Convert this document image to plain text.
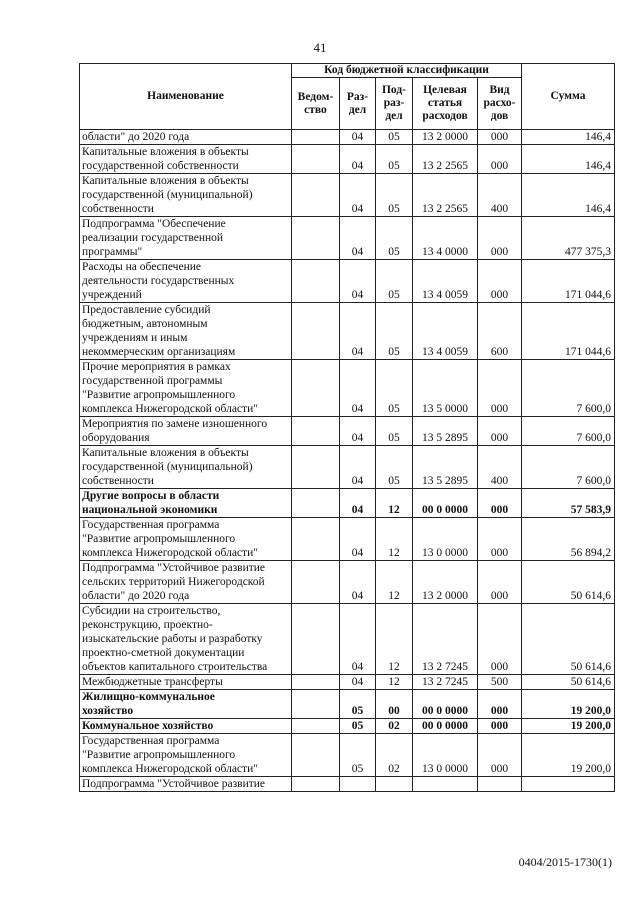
41
Наименование	Код бюджетной классификации					Сумма
	Ведом-
ство	Раз-
дел	Под-
раз-
дел	Целевая
статья
расходов	Вид
расхо-
дов	
области" до 2020 года		04	05	13 2 0000	000	146,4
Капитальные вложения в объекты
государственной собственности		04	05	13 2 2565	000	146,4
Капитальные вложения в объекты
государственной (муниципальной)
собственности		04	05	13 2 2565	400	146,4
Подпрограмма "Обеспечение
реализации государственной
программы"		04	05	13 4 0000	000	477 375,3
Расходы на обеспечение
деятельности государственных
учреждений		04	05	13 4 0059	000	171 044,6
Предоставление субсидий
бюджетным, автономным
учреждениям и иным
некоммерческим организациям		04	05	13 4 0059	600	171 044,6
Прочие мероприятия в рамках
государственной программы
"Развитие агропромышленного
комплекса Нижегородской области"		04	05	13 5 0000	000	7 600,0
Мероприятия по замене изношенного
оборудования		04	05	13 5 2895	000	7 600,0
Капитальные вложения в объекты
государственной (муниципальной)
собственности		04	05	13 5 2895	400	7 600,0
Другие вопросы в области
национальной экономики		04	12	00 0 0000	000	57 583,9
Государственная программа
"Развитие агропромышленного
комплекса Нижегородской области"		04	12	13 0 0000	000	56 894,2
Подпрограмма "Устойчивое развитие
сельских территорий Нижегородской
области" до 2020 года		04	12	13 2 0000	000	50 614,6
Субсидии на строительство,
реконструкцию, проектно-
изыскательские работы и разработку
проектно-сметной документации
объектов капитального строительства		04	12	13 2 7245	000	50 614,6
Межбюджетные трансферты		04	12	13 2 7245	500	50 614,6
Жилищно-коммунальное
хозяйство		05	00	00 0 0000	000	19 200,0
Коммунальное хозяйство		05	02	00 0 0000	000	19 200,0
Государственная программа
"Развитие агропромышленного
комплекса Нижегородской области"		05	02	13 0 0000	000	19 200,0
Подпрограмма "Устойчивое развитие						
0404/2015-1730(1)
